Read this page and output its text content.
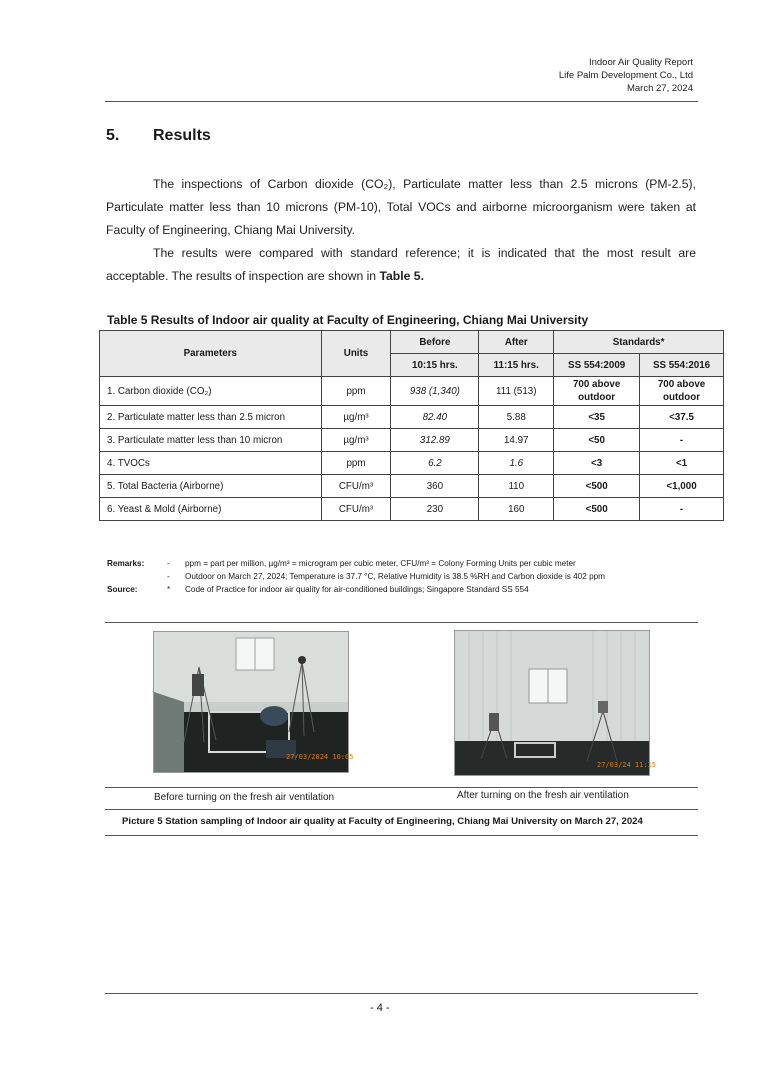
Indoor Air Quality Report
Life Palm Development Co., Ltd
March 27, 2024
5. Results

The inspections of Carbon dioxide (CO₂), Particulate matter less than 2.5 microns (PM-2.5), Particulate matter less than 10 microns (PM-10), Total VOCs and airborne microorganism were taken at Faculty of Engineering, Chiang Mai University.

The results were compared with standard reference; it is indicated that the most result are acceptable. The results of inspection are shown in Table 5.

Table 5 Results of Indoor air quality at Faculty of Engineering, Chiang Mai University
Parameters	Units	Before	After	Standards*	
		10:15 hrs.	11:15 hrs.	SS 554:2009	SS 554:2016
1. Carbon dioxide (CO₂)	ppm	938 (1,340)	111 (513)	700 above outdoor	700 above outdoor
2. Particulate matter less than 2.5 micron	µg/m³	82.40	5.88	<35	<37.5
3. Particulate matter less than 10 micron	µg/m³	312.89	14.97	<50	-
4. TVOCs	ppm	6.2	1.6	<3	<1
5. Total Bacteria (Airborne)	CFU/m³	360	110	<500	<1,000
6. Yeast & Mold (Airborne)	CFU/m³	230	160	<500	-
Remarks:	- ppm = part per million, µg/m³ = microgram per cubic meter, CFU/m³ = Colony Forming Units per cubic meter
- Outdoor on March 27, 2024; Temperature is 37.7 °C, Relative Humidity is 38.5 %RH and Carbon dioxide is 402 ppm
Source:	* Code of Practice for indoor air quality for air-conditioned buildings; Singapore Standard SS 554
27/03/2024 10:05
27/03/24 11:15
Before turning on the fresh air ventilation	After turning on the fresh air ventilation
Picture 5 Station sampling of Indoor air quality at Faculty of Engineering, Chiang Mai University on March 27, 2024
- 4 -
